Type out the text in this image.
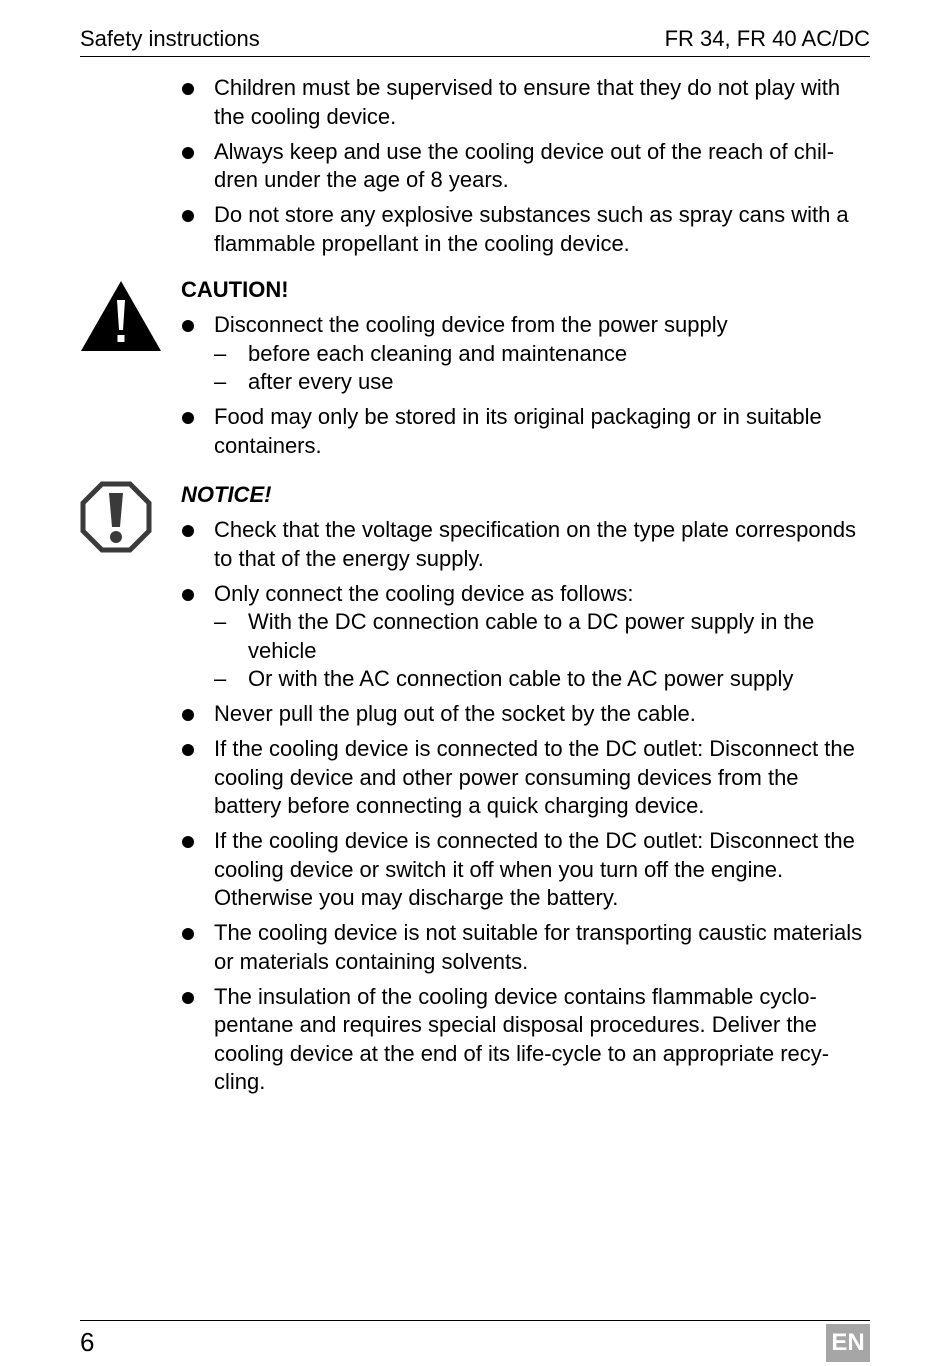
Safety instructions	FR 34, FR 40 AC/DC
Children must be supervised to ensure that they do not play with the cooling device.
Always keep and use the cooling device out of the reach of chil-dren under the age of 8 years.
Do not store any explosive substances such as spray cans with a flammable propellant in the cooling device.
CAUTION!
Disconnect the cooling device from the power supply
– before each cleaning and maintenance
– after every use
Food may only be stored in its original packaging or in suitable containers.
NOTICE!
Check that the voltage specification on the type plate corresponds to that of the energy supply.
Only connect the cooling device as follows:
– With the DC connection cable to a DC power supply in the vehicle
– Or with the AC connection cable to the AC power supply
Never pull the plug out of the socket by the cable.
If the cooling device is connected to the DC outlet: Disconnect the cooling device and other power consuming devices from the battery before connecting a quick charging device.
If the cooling device is connected to the DC outlet: Disconnect the cooling device or switch it off when you turn off the engine. Otherwise you may discharge the battery.
The cooling device is not suitable for transporting caustic materials or materials containing solvents.
The insulation of the cooling device contains flammable cyclo-pentane and requires special disposal procedures. Deliver the cooling device at the end of its life-cycle to an appropriate recy-cling.
6	EN
